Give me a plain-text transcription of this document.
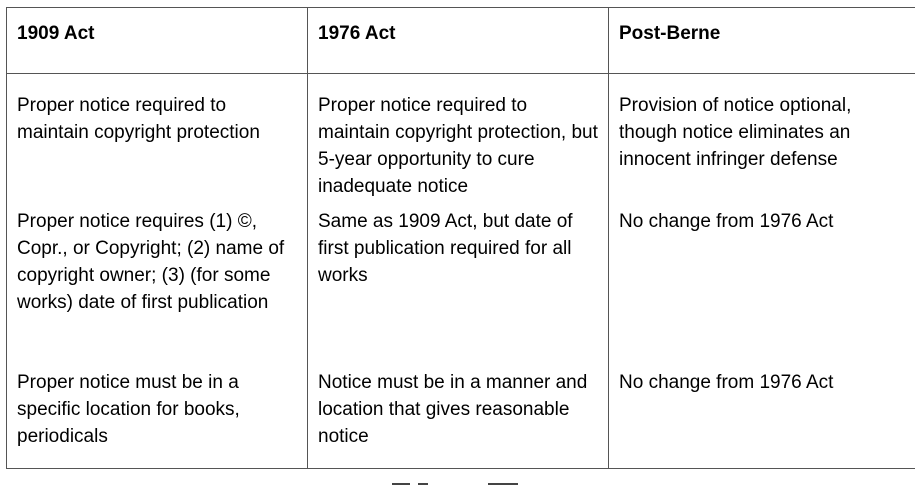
1909 Act	1976 Act	Post-Berne
Proper notice required to maintain copyright protection	Proper notice required to maintain copyright protection, but 5-year opportunity to cure inadequate notice	Provision of notice optional, though notice eliminates an innocent infringer defense
Proper notice requires (1) ©, Copr., or Copyright; (2) name of copyright owner; (3) (for some works) date of first publication	Same as 1909 Act, but date of first publication required for all works	No change from 1976 Act
Proper notice must be in a specific location for books, periodicals	Notice must be in a manner and location that gives reasonable notice	No change from 1976 Act
